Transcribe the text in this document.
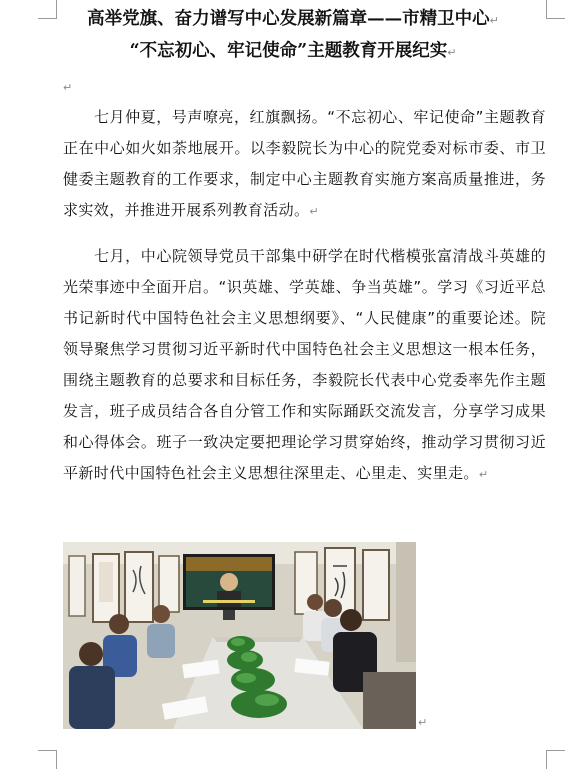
高举党旗、奋力谱写中心发展新篇章——市精卫中心↵
“不忘初心、牢记使命”主题教育开展纪实↵
↵

七月仲夏，号声嘹亮，红旗飘扬。“不忘初心、牢记使命”主题教育正在中心如火如荼地展开。以李毅院长为中心的院党委对标市委、市卫健委主题教育的工作要求，制定中心主题教育实施方案高质量推进，务求实效，并推进开展系列教育活动。↵

七月，中心院领导党员干部集中研学在时代楷模张富清战斗英雄的光荣事迹中全面开启。“识英雄、学英雄、争当英雄”。学习《习近平总书记新时代中国特色社会主义思想纲要》、“人民健康”的重要论述。院领导聚焦学习贯彻习近平新时代中国特色社会主义思想这一根本任务，围绕主题教育的总要求和目标任务，李毅院长代表中心党委率先作主题发言，班子成员结合各自分管工作和实际踊跃交流发言，分享学习成果和心得体会。班子一致决定要把理论学习贯穿始终，推动学习贯彻习近平新时代中国特色社会主义思想往深里走、心里走、实里走。↵

↵
